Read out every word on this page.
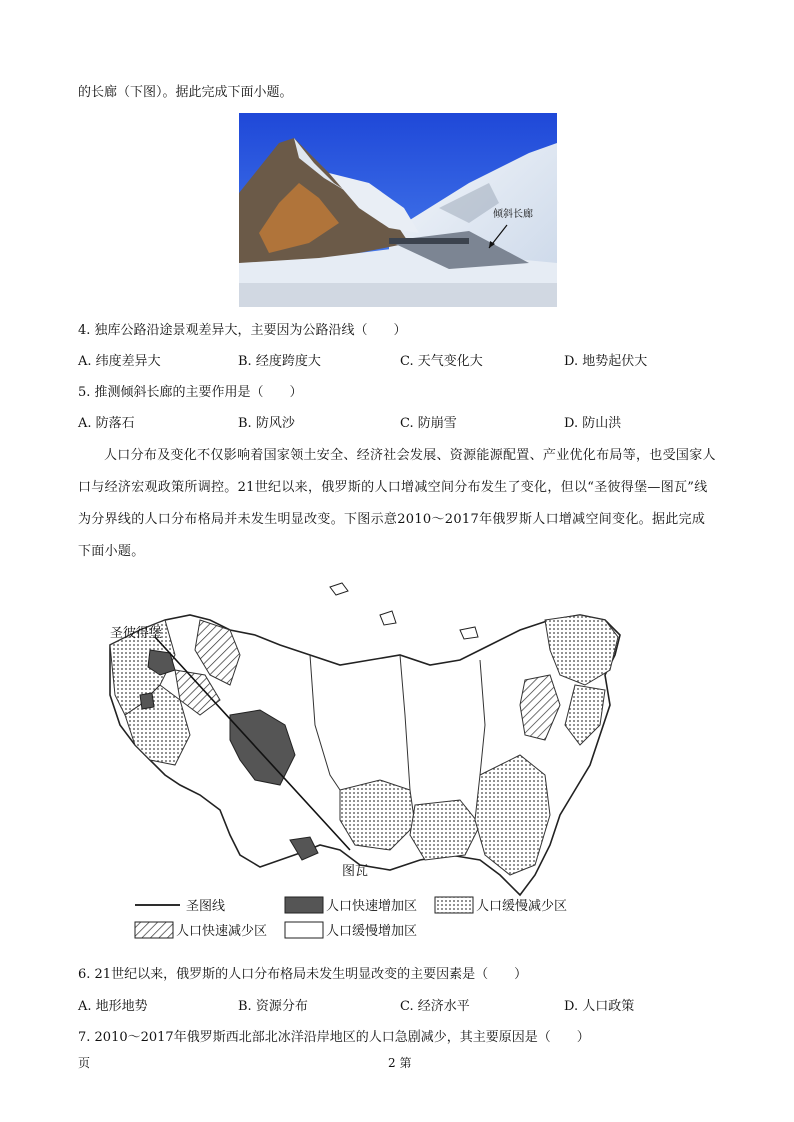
的长廊（下图）。据此完成下面小题。
倾斜长廊
4. 独库公路沿途景观差异大，主要因为公路沿线（　　）
A. 纬度差异大	B. 经度跨度大	C. 天气变化大	D. 地势起伏大
5. 推测倾斜长廊的主要作用是（　　）
A. 防落石	B. 防风沙	C. 防崩雪	D. 防山洪
人口分布及变化不仅影响着国家领土安全、经济社会发展、资源能源配置、产业优化布局等，也受国家人口与经济宏观政策所调控。21世纪以来，俄罗斯的人口增减空间分布发生了变化，但以“圣彼得堡—图瓦”线为分界线的人口分布格局并未发生明显改变。下图示意2010～2017年俄罗斯人口增减空间变化。据此完成下面小题。
圣彼得堡
图瓦
圣图线	人口快速增加区	人口缓慢减少区
人口快速减少区	人口缓慢增加区
6. 21世纪以来，俄罗斯的人口分布格局未发生明显改变的主要因素是（　　）
A. 地形地势	B. 资源分布	C. 经济水平	D. 人口政策
7. 2010～2017年俄罗斯西北部北冰洋沿岸地区的人口急剧减少，其主要原因是（　　）
页	2 第
